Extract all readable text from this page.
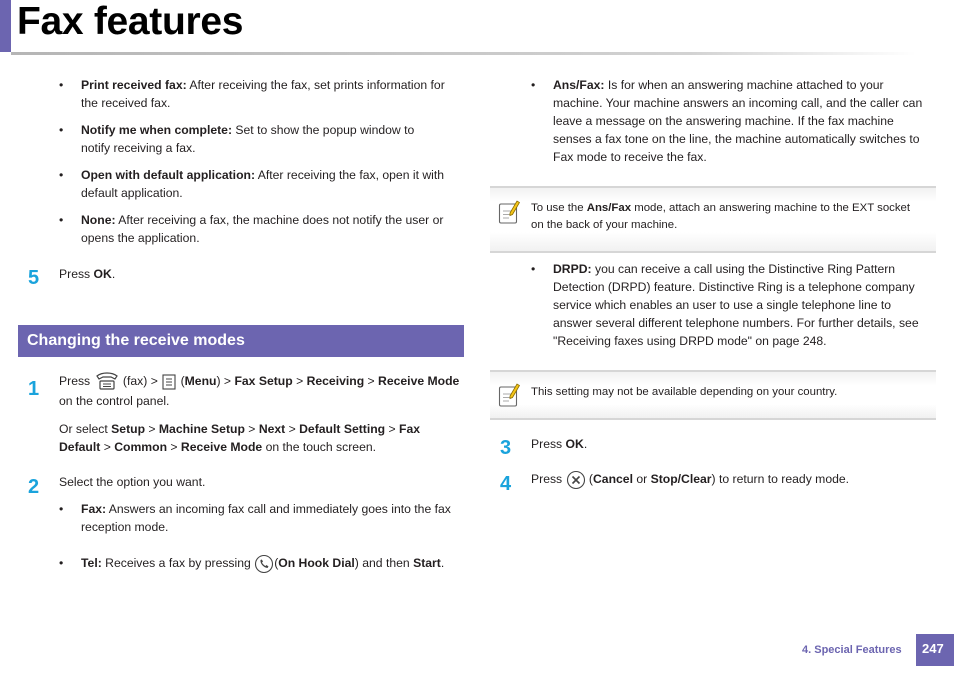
Fax features
• Print received fax: After receiving the fax, set prints information for
the received fax.
• Notify me when complete: Set to show the popup window to
notify receiving a fax.
• Open with default application: After receiving the fax, open it with
default application.
• None: After receiving a fax, the machine does not notify the user or
opens the application.
5 Press OK.
Changing the receive modes
1 Press  (fax) >  (Menu) > Fax Setup > Receiving > Receive Mode
on the control panel.
Or select Setup > Machine Setup > Next > Default Setting > Fax
Default > Common > Receive Mode on the touch screen.
2 Select the option you want.
• Fax: Answers an incoming fax call and immediately goes into the fax
reception mode.
• Tel: Receives a fax by pressing (On Hook Dial) and then Start.
• Ans/Fax: Is for when an answering machine attached to your
machine. Your machine answers an incoming call, and the caller can
leave a message on the answering machine. If the fax machine
senses a fax tone on the line, the machine automatically switches to
Fax mode to receive the fax.
To use the Ans/Fax mode, attach an answering machine to the EXT socket
on the back of your machine.
• DRPD: you can receive a call using the Distinctive Ring Pattern
Detection (DRPD) feature. Distinctive Ring is a telephone company
service which enables an user to use a single telephone line to
answer several different telephone numbers. For further details, see
"Receiving faxes using DRPD mode" on page 248.
This setting may not be available depending on your country.
3 Press OK.
4 Press  (Cancel or Stop/Clear) to return to ready mode.
4. Special Features 247
